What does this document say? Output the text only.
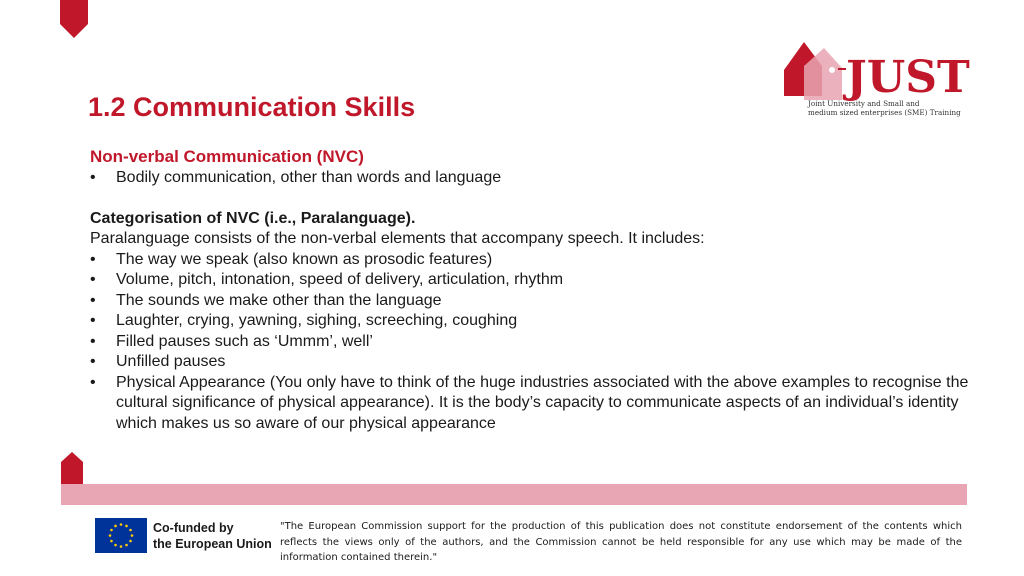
1.2 Communication Skills
JUST
Joint University and Small and
medium sized enterprises (SME) Training
Non-verbal Communication (NVC)
• Bodily communication, other than words and language
Categorisation of NVC (i.e., Paralanguage).
Paralanguage consists of the non-verbal elements that accompany speech. It includes:
• The way we speak (also known as prosodic features)
• Volume, pitch, intonation, speed of delivery, articulation, rhythm
• The sounds we make other than the language
• Laughter, crying, yawning, sighing, screeching, coughing
• Filled pauses such as ‘Ummm’, well’
• Unfilled pauses
• Physical Appearance (You only have to think of the huge industries associated with the above examples to recognise the cultural significance of physical appearance). It is the body’s capacity to communicate aspects of an individual’s identity which makes us so aware of our physical appearance
Co-funded by
the European Union
"The European Commission support for the production of this publication does not constitute endorsement of the contents which reflects the views only of the authors, and the Commission cannot be held responsible for any use which may be made of the information contained therein."
